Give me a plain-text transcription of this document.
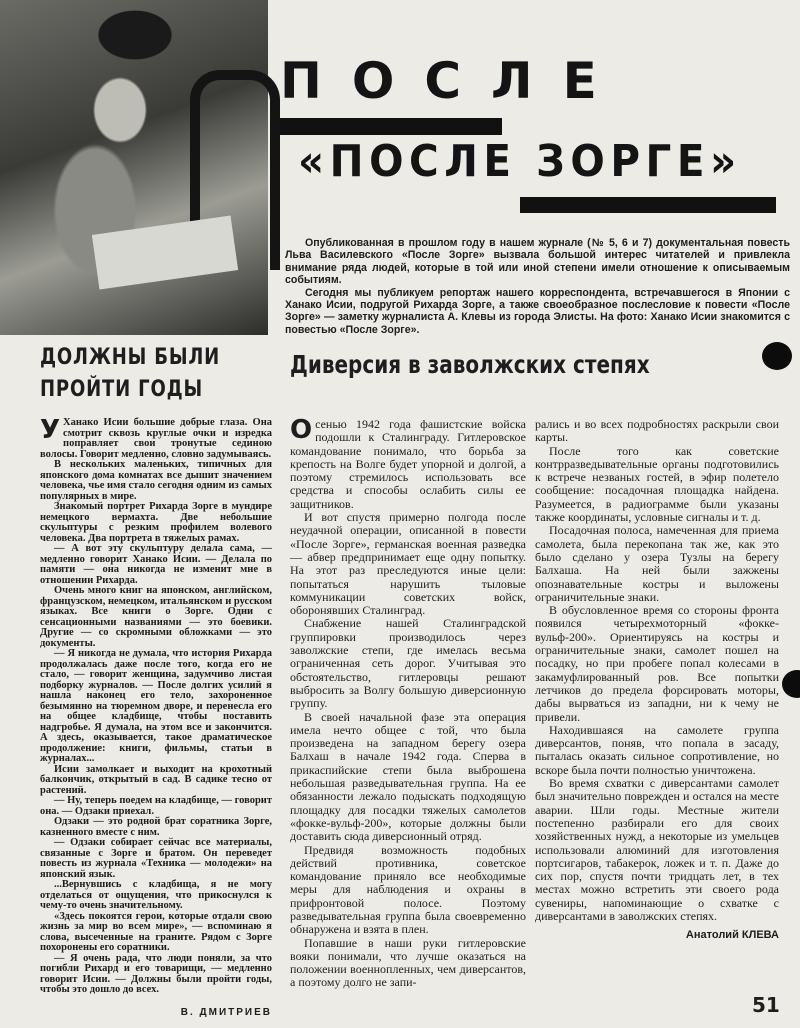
ПОСЛЕ
«ПОСЛЕ ЗОРГЕ»

Опубликованная в прошлом году в нашем журнале (№ 5, 6 и 7) документальная повесть Льва Василевского «После Зорге» вызвала большой интерес читателей и привлекла внимание ряда людей, которые в той или иной степени имели отношение к описываемым событиям.

Сегодня мы публикуем репортаж нашего корреспондента, встречавшегося в Японии с Ханако Исии, подругой Рихарда Зорге, а также своеобразное послесловие к повести «После Зорге» — заметку журналиста А. Клевы из города Элисты. На фото: Ханако Исии знакомится с повестью «После Зорге».

ДОЛЖНЫ БЫЛИ
ПРОЙТИ ГОДЫ
Диверсия в заволжских степях

У Ханако Исии большие добрые глаза. Она смотрит сквозь круглые очки и изредка поправляет свои тронутые сединою волосы. Говорит медленно, словно задумываясь.

В нескольких маленьких, типичных для японского дома комнатах все дышит значением человека, чье имя стало сегодня одним из самых популярных в мире.

Знакомый портрет Рихарда Зорге в мундире немецкого вермахта. Две небольшие скульптуры с резким профилем волевого человека. Два портрета в тяжелых рамах.

— А вот эту скульптуру делала сама, — медленно говорит Ханако Исии. — Делала по памяти — она никогда не изменит мне в отношении Рихарда.

Очень много книг на японском, английском, французском, немецком, итальянском и русском языках. Все книги о Зорге. Одни с сенсационными названиями — это боевики. Другие — со скромными обложками — это документы.

— Я никогда не думала, что история Рихарда продолжалась даже после того, когда его не стало, — говорит женщина, задумчиво листая подборку журналов. — После долгих усилий я нашла наконец его тело, захороненное безымянно на тюремном дворе, и перенесла его на общее кладбище, чтобы поставить надгробье. Я думала, на этом все и закончится. А здесь, оказывается, такое драматическое продолжение: книги, фильмы, статьи в журналах...

Исии замолкает и выходит на крохотный балкончик, открытый в сад. В садике тесно от растений.

— Ну, теперь поедем на кладбище, — говорит она. — Одзаки приехал.

Одзаки — это родной брат соратника Зорге, казненного вместе с ним.

— Одзаки собирает сейчас все материалы, связанные с Зорге и братом. Он переведет повесть из журнала «Техника — молодежи» на японский язык.

...Вернувшись с кладбища, я не могу отделаться от ощущения, что прикоснулся к чему-то очень значительному.

«Здесь покоятся герои, которые отдали свою жизнь за мир во всем мире», — вспоминаю я слова, высеченные на граните. Рядом с Зорге похоронены его соратники.

— Я очень рада, что люди поняли, за что погибли Рихард и его товарищи, — медленно говорит Исии. — Должны были пройти годы, чтобы это дошло до всех.

В. ДМИТРИЕВ

Осенью 1942 года фашистские войска подошли к Сталинграду. Гитлеровское командование понимало, что борьба за крепость на Волге будет упорной и долгой, а поэтому стремилось использовать все средства и способы ослабить силы ее защитников.

И вот спустя примерно полгода после неудачной операции, описанной в повести «После Зорге», германская военная разведка — абвер предпринимает еще одну попытку. На этот раз преследуются иные цели: попытаться нарушить тыловые коммуникации советских войск, оборонявших Сталинград.

Снабжение нашей Сталинградской группировки производилось через заволжские степи, где имелась весьма ограниченная сеть дорог. Учитывая это обстоятельство, гитлеровцы решают выбросить за Волгу большую диверсионную группу.

В своей начальной фазе эта операция имела нечто общее с той, что была произведена на западном берегу озера Балхаш в начале 1942 года. Сперва в прикаспийские степи была выброшена небольшая разведывательная группа. На ее обязанности лежало подыскать подходящую площадку для посадки тяжелых самолетов «фокке-вульф-200», которые должны были доставить сюда диверсионный отряд.

Предвидя возможность подобных действий противника, советское командование приняло все необходимые меры для наблюдения и охраны в прифронтовой полосе. Поэтому разведывательная группа была своевременно обнаружена и взята в плен.

Попавшие в наши руки гитлеровские вояки понимали, что лучше оказаться на положении военнопленных, чем диверсантов, а поэтому долго не запи-

рались и во всех подробностях раскрыли свои карты.

После того как советские контрразведывательные органы подготовились к встрече незваных гостей, в эфир полетело сообщение: посадочная площадка найдена. Разумеется, в радиограмме были указаны также координаты, условные сигналы и т. д.

Посадочная полоса, намеченная для приема самолета, была перекопана так же, как это было сделано у озера Тузлы на берегу Балхаша. На ней были зажжены опознавательные костры и выложены ограничительные знаки.

В обусловленное время со стороны фронта появился четырехмоторный «фокке-вульф-200». Ориентируясь на костры и ограничительные знаки, самолет пошел на посадку, но при пробеге попал колесами в закамуфлированный ров. Все попытки летчиков до предела форсировать моторы, дабы вырваться из западни, ни к чему не привели.

Находившаяся на самолете группа диверсантов, поняв, что попала в засаду, пыталась оказать сильное сопротивление, но вскоре была почти полностью уничтожена.

Во время схватки с диверсантами самолет был значительно поврежден и остался на месте аварии. Шли годы. Местные жители постепенно разбирали его для своих хозяйственных нужд, а некоторые из умельцев использовали алюминий для изготовления портсигаров, табакерок, ложек и т. п. Даже до сих пор, спустя почти тридцать лет, в тех местах можно встретить эти своего рода сувениры, напоминающие о схватке с диверсантами в заволжских степях.

Анатолий КЛЕВА
51
